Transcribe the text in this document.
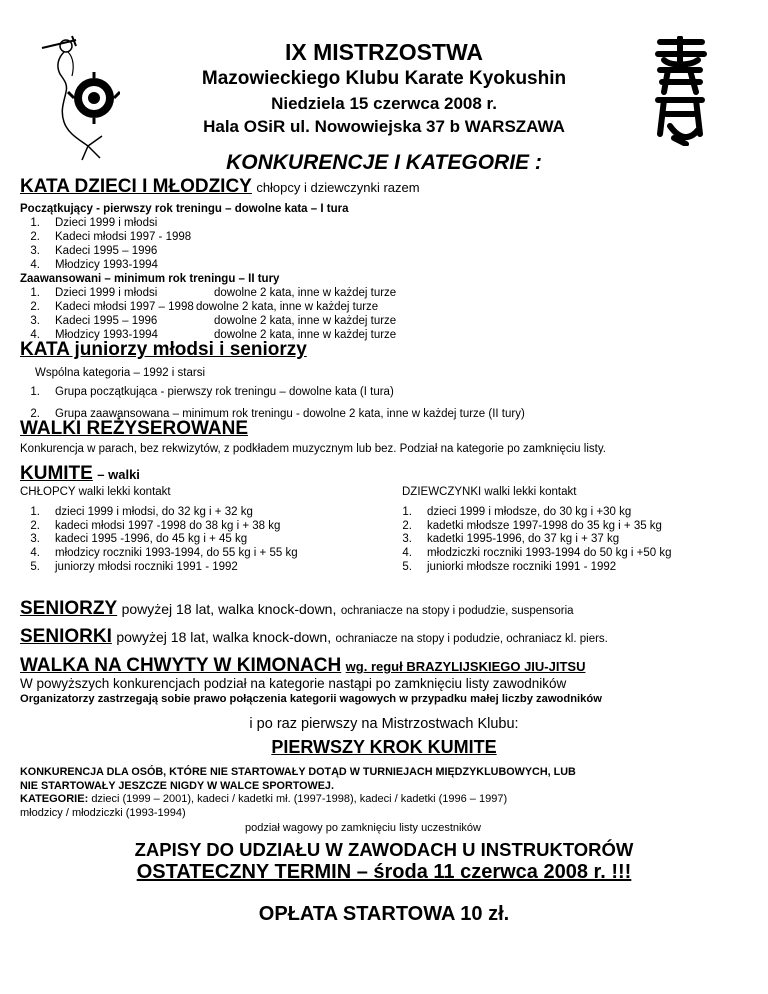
IX MISTRZOSTWA
Mazowieckiego Klubu Karate Kyokushin
Niedziela 15 czerwca 2008 r.
Hala OSiR ul. Nowowiejska 37 b WARSZAWA
KONKURENCJE I KATEGORIE :
KATA DZIECI I MŁODZICY chłopcy i dziewczynki razem
Początkujący - pierwszy rok treningu – dowolne kata – I tura
1.	Dzieci 1999 i młodsi
2.	Kadeci młodsi 1997 - 1998
3.	Kadeci 1995 – 1996
4.	Młodzicy 1993-1994
Zaawansowani – minimum rok treningu – II tury
1.	Dzieci 1999 i młodsi	dowolne 2 kata, inne w każdej turze
2.	Kadeci młodsi 1997 – 1998 dowolne 2 kata, inne w każdej turze
3.	Kadeci 1995 – 1996	dowolne 2 kata, inne w każdej turze
4.	Młodzicy 1993-1994	dowolne 2 kata, inne w każdej turze
KATA juniorzy młodsi i seniorzy
Wspólna kategoria – 1992 i starsi
1.	Grupa początkująca - pierwszy rok treningu – dowolne kata (I tura)
2.	Grupa zaawansowana – minimum rok treningu - dowolne 2 kata, inne w każdej turze (II tury)
WALKI REŻYSEROWANE
Konkurencja w parach, bez rekwizytów, z podkładem muzycznym lub bez. Podział na kategorie po zamknięciu listy.
KUMITE – walki
CHŁOPCY walki lekki kontakt
1.	dzieci 1999 i młodsi, do 32 kg i + 32 kg
2.	kadeci młodsi 1997 -1998 do 38 kg i + 38 kg
3.	kadeci 1995 -1996, do 45 kg i + 45 kg
4.	młodzicy roczniki 1993-1994, do 55 kg i + 55 kg
5.	juniorzy młodsi roczniki 1991 - 1992
DZIEWCZYNKI walki lekki kontakt
1.	dzieci 1999 i młodsze, do 30 kg i +30 kg
2.	kadetki młodsze 1997-1998 do 35 kg i + 35 kg
3.	kadetki 1995-1996, do 37 kg i + 37 kg
4.	młodziczki roczniki 1993-1994 do 50 kg i +50 kg
5.	juniorki młodsze roczniki 1991 - 1992
SENIORZY powyżej 18 lat, walka knock-down, ochraniacze na stopy i podudzie, suspensoria
SENIORKI powyżej 18 lat, walka knock-down, ochraniacze na stopy i podudzie, ochraniacz kl. piers.
WALKA NA CHWYTY W KIMONACH wg. reguł BRAZYLIJSKIEGO JIU-JITSU
W powyższych konkurencjach podział na kategorie nastąpi po zamknięciu listy zawodników
Organizatorzy zastrzegają sobie prawo połączenia kategorii wagowych w przypadku małej liczby zawodników
i po raz pierwszy na Mistrzostwach Klubu:
PIERWSZY KROK KUMITE
KONKURENCJA DLA OSÓB, KTÓRE NIE STARTOWAŁY DOTĄD W TURNIEJACH MIĘDZYKLUBOWYCH, LUB
NIE STARTOWAŁY JESZCZE NIGDY W WALCE SPORTOWEJ.
KATEGORIE: dzieci (1999 – 2001), kadeci / kadetki mł. (1997-1998), kadeci / kadetki (1996 – 1997)
młodzicy / młodziczki (1993-1994)
podział wagowy po zamknięciu listy uczestników
ZAPISY DO UDZIAŁU W ZAWODACH U INSTRUKTORÓW
OSTATECZNY TERMIN – środa 11 czerwca 2008 r. !!!
OPŁATA STARTOWA 10 zł.
